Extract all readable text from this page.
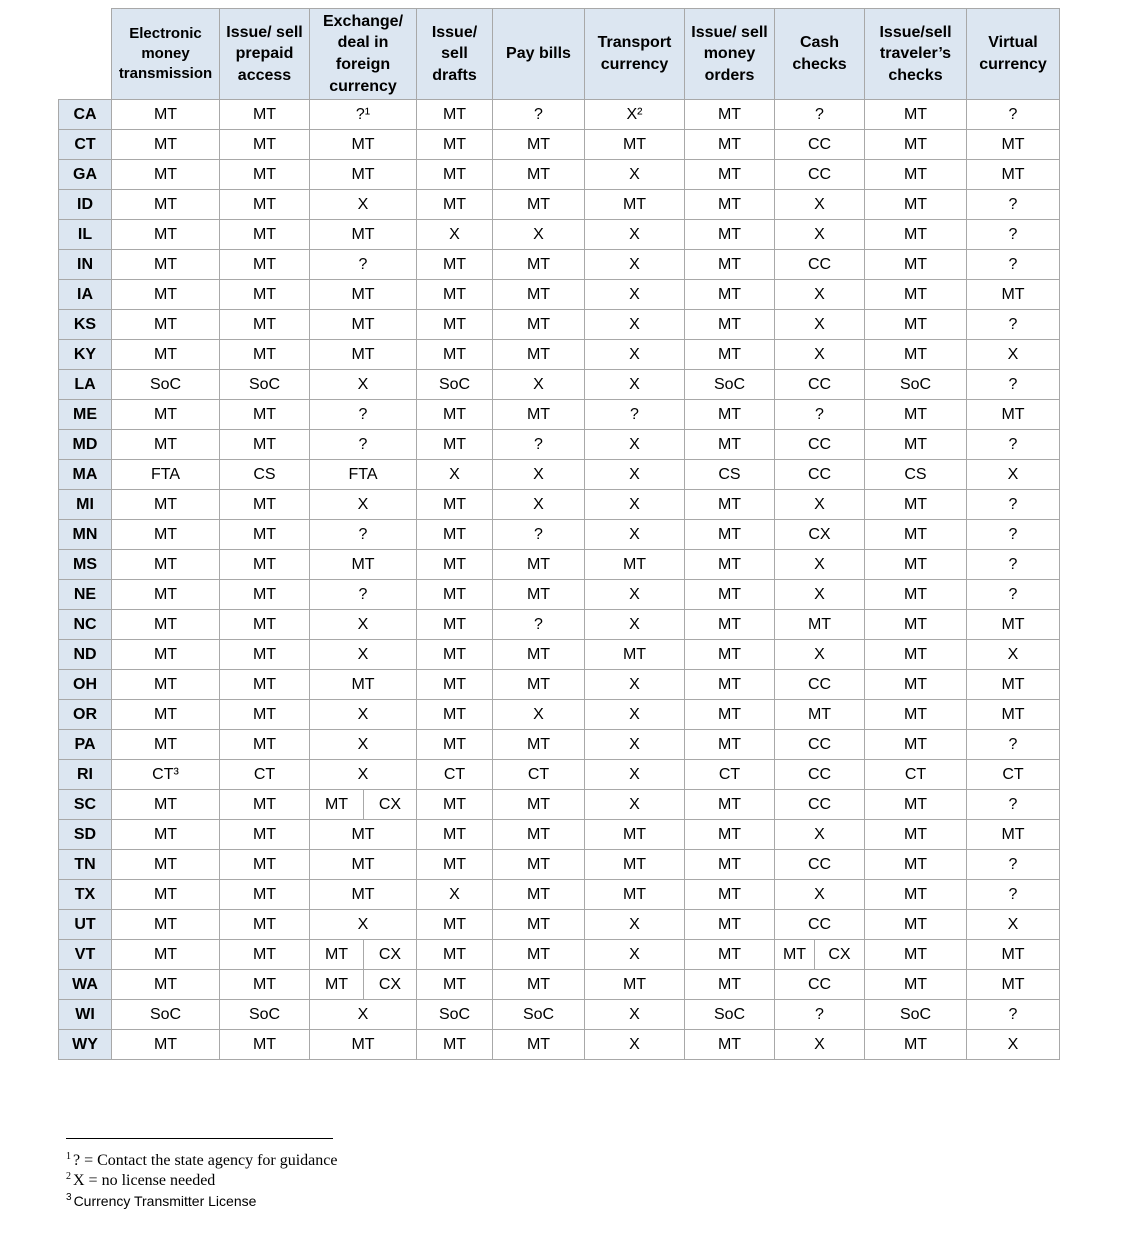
	Electronic money transmission	Issue/ sell prepaid access	Exchange/ deal in foreign currency		Issue/ sell drafts	Pay bills	Transport currency	Issue/ sell money orders	Cash checks		Issue/sell traveler’s checks	Virtual currency
CA	MT	MT	?¹		MT	?	X²	MT	?		MT	?
CT	MT	MT	MT		MT	MT	MT	MT	CC		MT	MT
GA	MT	MT	MT		MT	MT	X	MT	CC		MT	MT
ID	MT	MT	X		MT	MT	MT	MT	X		MT	?
IL	MT	MT	MT		X	X	X	MT	X		MT	?
IN	MT	MT	?		MT	MT	X	MT	CC		MT	?
IA	MT	MT	MT		MT	MT	X	MT	X		MT	MT
KS	MT	MT	MT		MT	MT	X	MT	X		MT	?
KY	MT	MT	MT		MT	MT	X	MT	X		MT	X
LA	SoC	SoC	X		SoC	X	X	SoC	CC		SoC	?
ME	MT	MT	?		MT	MT	?	MT	?		MT	MT
MD	MT	MT	?		MT	?	X	MT	CC		MT	?
MA	FTA	CS	FTA		X	X	X	CS	CC		CS	X
MI	MT	MT	X		MT	X	X	MT	X		MT	?
MN	MT	MT	?		MT	?	X	MT	CX		MT	?
MS	MT	MT	MT		MT	MT	MT	MT	X		MT	?
NE	MT	MT	?		MT	MT	X	MT	X		MT	?
NC	MT	MT	X		MT	?	X	MT	MT		MT	MT
ND	MT	MT	X		MT	MT	MT	MT	X		MT	X
OH	MT	MT	MT		MT	MT	X	MT	CC		MT	MT
OR	MT	MT	X		MT	X	X	MT	MT		MT	MT
PA	MT	MT	X		MT	MT	X	MT	CC		MT	?
RI	CT³	CT	X		CT	CT	X	CT	CC		CT	CT
SC	MT	MT	MT	CX	MT	MT	X	MT	CC		MT	?
SD	MT	MT	MT		MT	MT	MT	MT	X		MT	MT
TN	MT	MT	MT		MT	MT	MT	MT	CC		MT	?
TX	MT	MT	MT		X	MT	MT	MT	X		MT	?
UT	MT	MT	X		MT	MT	X	MT	CC		MT	X
VT	MT	MT	MT	CX	MT	MT	X	MT	MT	CX	MT	MT
WA	MT	MT	MT	CX	MT	MT	MT	MT	CC		MT	MT
WI	SoC	SoC	X		SoC	SoC	X	SoC	?		SoC	?
WY	MT	MT	MT		MT	MT	X	MT	X		MT	X
$^1$ ? = Contact the state agency for guidance
$^2$ X = no license needed
$^3$ Currency Transmitter License
